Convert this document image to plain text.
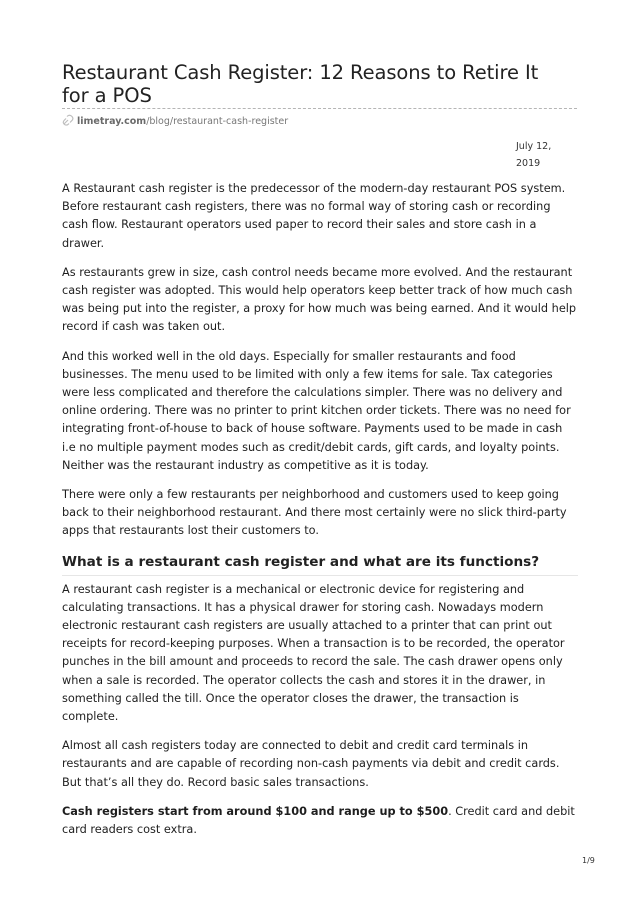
Restaurant Cash Register: 12 Reasons to Retire It for a POS
limetray.com/blog/restaurant-cash-register
July 12, 2019

A Restaurant cash register is the predecessor of the modern-day restaurant POS system. Before restaurant cash registers, there was no formal way of storing cash or recording cash flow. Restaurant operators used paper to record their sales and store cash in a drawer.

As restaurants grew in size, cash control needs became more evolved. And the restaurant cash register was adopted. This would help operators keep better track of how much cash was being put into the register, a proxy for how much was being earned. And it would help record if cash was taken out.

And this worked well in the old days. Especially for smaller restaurants and food businesses. The menu used to be limited with only a few items for sale. Tax categories were less complicated and therefore the calculations simpler. There was no delivery and online ordering. There was no printer to print kitchen order tickets. There was no need for integrating front-of-house to back of house software. Payments used to be made in cash i.e no multiple payment modes such as credit/debit cards, gift cards, and loyalty points. Neither was the restaurant industry as competitive as it is today.

There were only a few restaurants per neighborhood and customers used to keep going back to their neighborhood restaurant. And there most certainly were no slick third-party apps that restaurants lost their customers to.

What is a restaurant cash register and what are its functions?

A restaurant cash register is a mechanical or electronic device for registering and calculating transactions. It has a physical drawer for storing cash. Nowadays modern electronic restaurant cash registers are usually attached to a printer that can print out receipts for record-keeping purposes. When a transaction is to be recorded, the operator punches in the bill amount and proceeds to record the sale. The cash drawer opens only when a sale is recorded. The operator collects the cash and stores it in the drawer, in something called the till. Once the operator closes the drawer, the transaction is complete.

Almost all cash registers today are connected to debit and credit card terminals in restaurants and are capable of recording non-cash payments via debit and credit cards. But that’s all they do. Record basic sales transactions.

Cash registers start from around $100 and range up to $500. Credit card and debit card readers cost extra.

1/9
